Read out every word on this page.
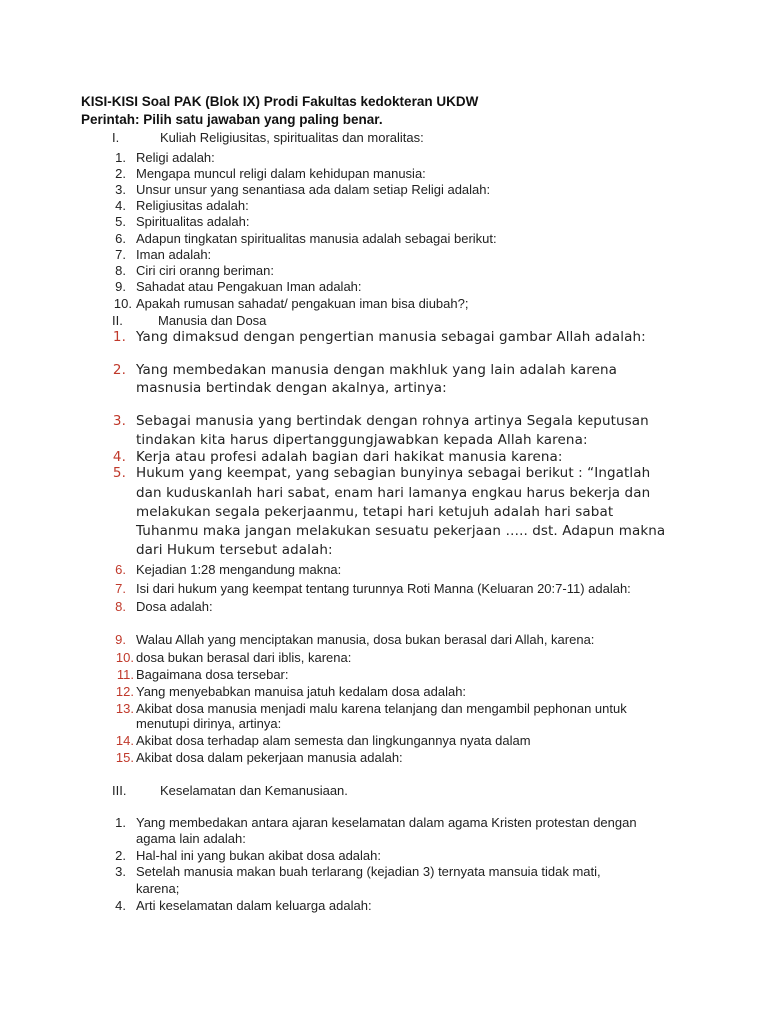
KISI-KISI Soal PAK (Blok IX) Prodi Fakultas kedokteran UKDW
Perintah: Pilih satu jawaban yang paling benar.
I.	Kuliah Religiusitas, spiritualitas dan moralitas:
1. Religi adalah:
2. Mengapa muncul religi dalam kehidupan manusia:
3. Unsur unsur yang senantiasa ada dalam setiap Religi adalah:
4. Religiusitas adalah:
5. Spiritualitas adalah:
6. Adapun tingkatan spiritualitas manusia adalah sebagai berikut:
7. Iman adalah:
8. Ciri ciri oranng beriman:
9. Sahadat atau Pengakuan Iman adalah:
10. Apakah rumusan sahadat/ pengakuan iman bisa diubah?;
II.	Manusia dan Dosa
1. Yang dimaksud dengan pengertian manusia sebagai gambar Allah adalah:
2. Yang membedakan manusia dengan makhluk yang lain adalah karena
masnusia bertindak dengan akalnya, artinya:
3. Sebagai manusia yang bertindak dengan rohnya artinya Segala keputusan
tindakan kita harus dipertanggungjawabkan kepada Allah karena:
4. Kerja atau profesi adalah bagian dari hakikat manusia karena:
5. Hukum yang keempat, yang sebagian bunyinya sebagai berikut : “Ingatlah
dan kuduskanlah hari sabat, enam hari lamanya engkau harus bekerja dan
melakukan segala pekerjaanmu, tetapi hari ketujuh adalah hari sabat
Tuhanmu maka jangan melakukan sesuatu pekerjaan ….. dst. Adapun makna
dari Hukum tersebut adalah:
6. Kejadian 1:28 mengandung makna:
7. Isi dari hukum yang keempat tentang turunnya Roti Manna (Keluaran 20:7-11) adalah:
8. Dosa adalah:
9. Walau Allah yang menciptakan manusia, dosa bukan berasal dari Allah, karena:
10. dosa bukan berasal dari iblis, karena:
11. Bagaimana dosa tersebar:
12. Yang menyebabkan manuisa jatuh kedalam dosa adalah:
13. Akibat dosa manusia menjadi malu karena telanjang dan mengambil pephonan untuk
menutupi dirinya, artinya:
14. Akibat dosa terhadap alam semesta dan lingkungannya nyata dalam
15. Akibat dosa dalam pekerjaan manusia adalah:
III.	Keselamatan dan Kemanusiaan.
1. Yang membedakan antara ajaran keselamatan dalam agama Kristen protestan dengan
agama lain adalah:
2. Hal-hal ini yang bukan akibat dosa adalah:
3. Setelah manusia makan buah terlarang (kejadian 3) ternyata mansuia tidak mati,
karena;
4. Arti keselamatan dalam keluarga adalah:
